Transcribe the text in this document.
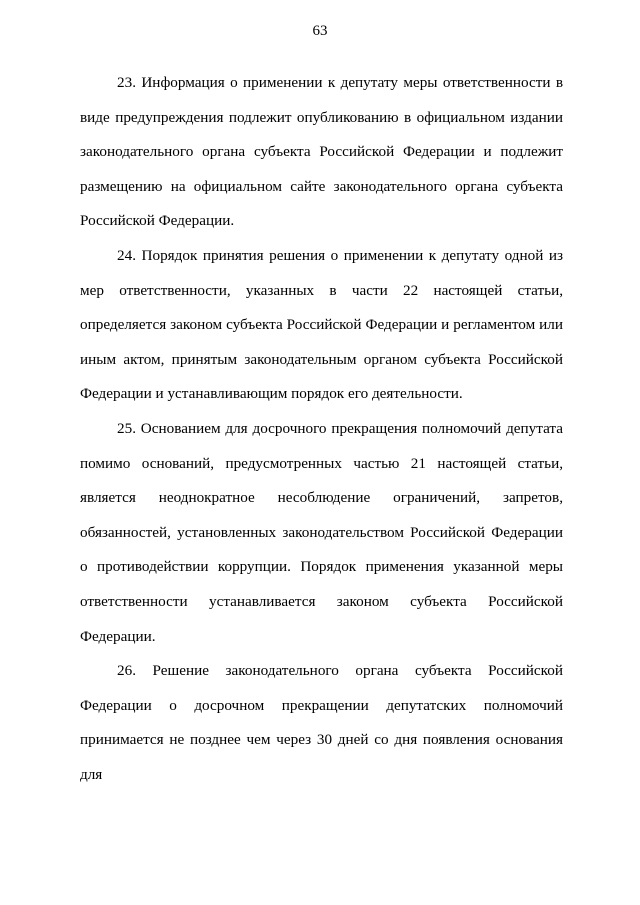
63

23. Информация о применении к депутату меры ответственности в виде предупреждения подлежит опубликованию в официальном издании законодательного органа субъекта Российской Федерации и подлежит размещению на официальном сайте законодательного органа субъекта Российской Федерации.

24. Порядок принятия решения о применении к депутату одной из мер ответственности, указанных в части 22 настоящей статьи, определяется законом субъекта Российской Федерации и регламентом или иным актом, принятым законодательным органом субъекта Российской Федерации и устанавливающим порядок его деятельности.

25. Основанием для досрочного прекращения полномочий депутата помимо оснований, предусмотренных частью 21 настоящей статьи, является неоднократное несоблюдение ограничений, запретов, обязанностей, установленных законодательством Российской Федерации о противодействии коррупции. Порядок применения указанной меры ответственности устанавливается законом субъекта Российской Федерации.

26. Решение законодательного органа субъекта Российской Федерации о досрочном прекращении депутатских полномочий принимается не позднее чем через 30 дней со дня появления основания для
